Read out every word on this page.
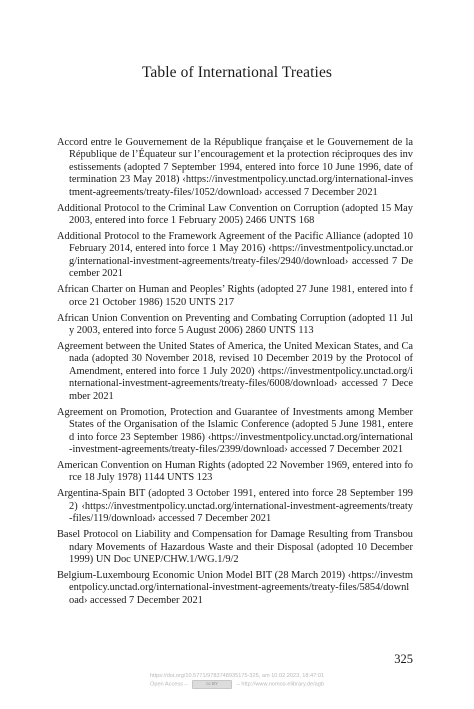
Table of International Treaties
Accord entre le Gouvernement de la République française et le Gouvernement de la République de l’Équateur sur l’encouragement et la protection réciproques des investissements (adopted 7 September 1994, entered into force 10 June 1996, date of termination 23 May 2018) ‹https://investmentpolicy.unctad.org/international-investment-agreements/treaty-files/1052/download› accessed 7 December 2021
Additional Protocol to the Criminal Law Convention on Corruption (adopted 15 May 2003, entered into force 1 February 2005) 2466 UNTS 168
Additional Protocol to the Framework Agreement of the Pacific Alliance (adopted 10 February 2014, entered into force 1 May 2016) ‹https://investmentpolicy.unctad.org/international-investment-agreements/treaty-files/2940/download› accessed 7 December 2021
African Charter on Human and Peoples’ Rights (adopted 27 June 1981, entered into force 21 October 1986) 1520 UNTS 217
African Union Convention on Preventing and Combating Corruption (adopted 11 July 2003, entered into force 5 August 2006) 2860 UNTS 113
Agreement between the United States of America, the United Mexican States, and Canada (adopted 30 November 2018, revised 10 December 2019 by the Protocol of Amendment, entered into force 1 July 2020) ‹https://investmentpolicy.unctad.org/international-investment-agreements/treaty-files/6008/download› accessed 7 December 2021
Agreement on Promotion, Protection and Guarantee of Investments among Member States of the Organisation of the Islamic Conference (adopted 5 June 1981, entered into force 23 September 1986) ‹https://investmentpolicy.unctad.org/international-investment-agreements/treaty-files/2399/download› accessed 7 December 2021
American Convention on Human Rights (adopted 22 November 1969, entered into force 18 July 1978) 1144 UNTS 123
Argentina-Spain BIT (adopted 3 October 1991, entered into force 28 September 1992) ‹https://investmentpolicy.unctad.org/international-investment-agreements/treaty-files/119/download› accessed 7 December 2021
Basel Protocol on Liability and Compensation for Damage Resulting from Transboundary Movements of Hazardous Waste and their Disposal (adopted 10 December 1999) UN Doc UNEP/CHW.1/WG.1/9/2
Belgium-Luxembourg Economic Union Model BIT (28 March 2019) ‹https://investmentpolicy.unctad.org/international-investment-agreements/treaty-files/5854/download› accessed 7 December 2021
325
https://doi.org/10.5771/9783748935175-325, am 10.02.2023, 18:47:01
Open Access –	cc BY	– http://www.nomos-elibrary.de/agb
